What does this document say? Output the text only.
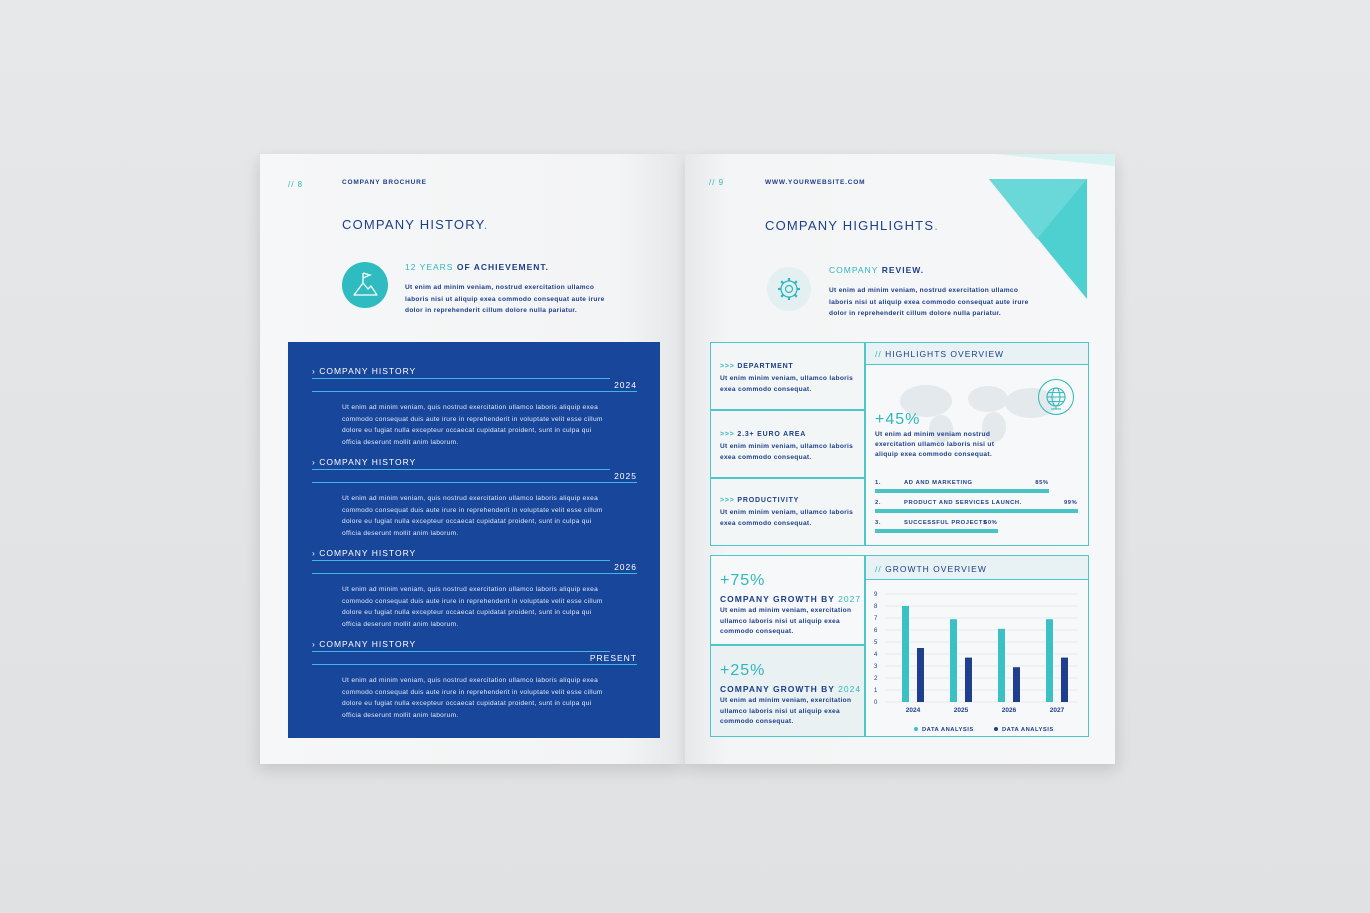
// 8	COMPANY BROCHURE
COMPANY HISTORY.
12 YEARS OF ACHIEVEMENT.
Ut enim ad minim veniam, nostrud exercitation ullamco laboris nisi ut aliquip exea commodo consequat aute irure dolor in reprehenderit cillum dolore nulla pariatur.
› COMPANY HISTORY
2024
Ut enim ad minim veniam, quis nostrud exercitation ullamco laboris aliquip exea commodo consequat duis aute irure in reprehenderit in voluptate velit esse cillum dolore eu fugiat nulla excepteur occaecat cupidatat proident, sunt in culpa qui officia deserunt mollit anim laborum.
› COMPANY HISTORY
2025
Ut enim ad minim veniam, quis nostrud exercitation ullamco laboris aliquip exea commodo consequat duis aute irure in reprehenderit in voluptate velit esse cillum dolore eu fugiat nulla excepteur occaecat cupidatat proident, sunt in culpa qui officia deserunt mollit anim laborum.
› COMPANY HISTORY
2026
Ut enim ad minim veniam, quis nostrud exercitation ullamco laboris aliquip exea commodo consequat duis aute irure in reprehenderit in voluptate velit esse cillum dolore eu fugiat nulla excepteur occaecat cupidatat proident, sunt in culpa qui officia deserunt mollit anim laborum.
› COMPANY HISTORY
PRESENT
Ut enim ad minim veniam, quis nostrud exercitation ullamco laboris aliquip exea commodo consequat duis aute irure in reprehenderit in voluptate velit esse cillum dolore eu fugiat nulla excepteur occaecat cupidatat proident, sunt in culpa qui officia deserunt mollit anim laborum.
// 9	WWW.YOURWEBSITE.COM
COMPANY HIGHLIGHTS.
COMPANY REVIEW.
Ut enim ad minim veniam, nostrud exercitation ullamco laboris nisi ut aliquip exea commodo consequat aute irure dolor in reprehenderit cillum dolore nulla pariatur.
>>> DEPARTMENT
Ut enim minim veniam, ullamco laboris exea commodo consequat.
>>> 2.3+ EURO AREA
Ut enim minim veniam, ullamco laboris exea commodo consequat.
>>> PRODUCTIVITY
Ut enim minim veniam, ullamco laboris exea commodo consequat.
// HIGHLIGHTS OVERVIEW
+45%
Ut enim ad minim veniam nostrud exercitation ullamco laboris nisi ut aliquip exea commodo consequat.
1.	AD AND MARKETING	85%
2.	PRODUCT AND SERVICES LAUNCH.	99%
3.	SUCCESSFUL PROJECTS
60%
+75%
COMPANY GROWTH BY 2027
Ut enim ad minim veniam, exercitation ullamco laboris nisi ut aliquip exea commodo consequat.
+25%
COMPANY GROWTH BY 2024
Ut enim ad minim veniam, exercitation ullamco laboris nisi ut aliquip exea commodo consequat.
// GROWTH OVERVIEW
0
1
2
3
4
5
6
7
8
9
2024	2025	2026	2027
DATA ANALYSIS	DATA ANALYSIS
